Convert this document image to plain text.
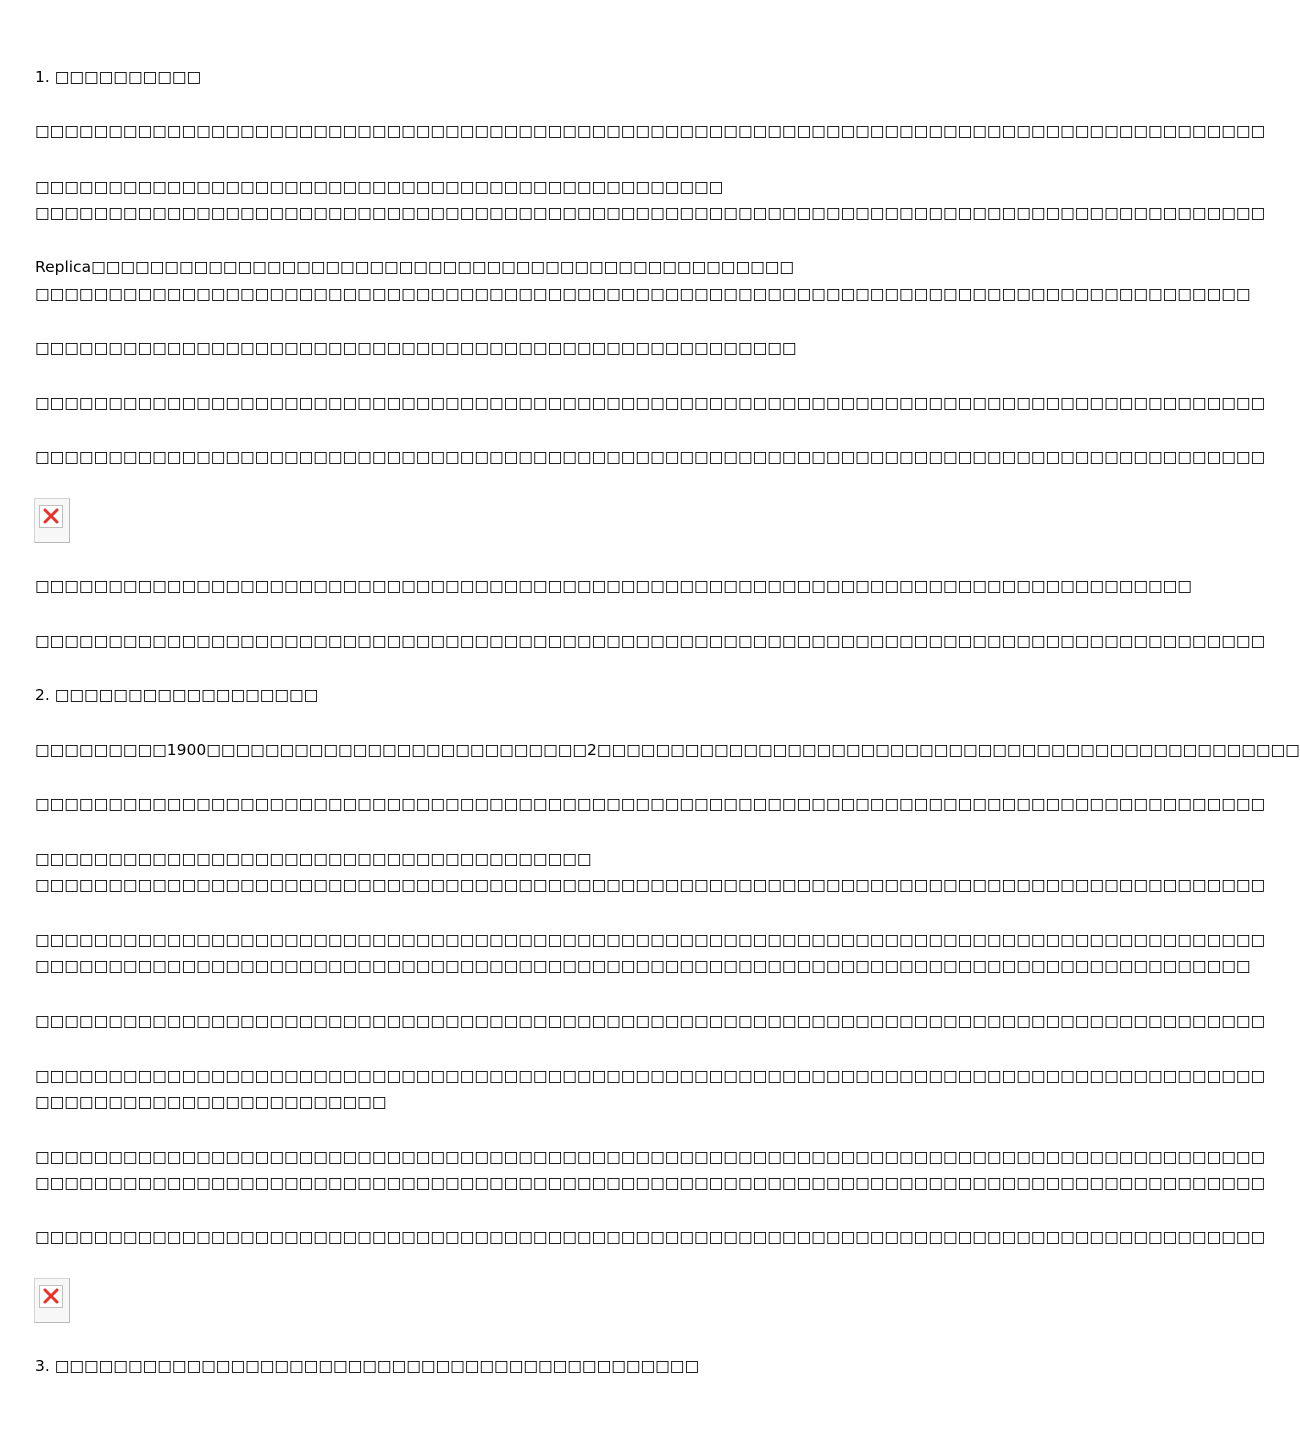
1. □□□□□□□□□□
□□□□□□□□□□□□□□□□□□□□□□□□□□□□□□□□□□□□□□□□□□□□□□□□□□□□□□□□□□□□□□□□□□□□□□□□□□□□□□□□□□□□
□□□□□□□□□□□□□□□□□□□□□□□□□□□□□□□□□□□□□□□□□□□□□□□
□□□□□□□□□□□□□□□□□□□□□□□□□□□□□□□□□□□□□□□□□□□□□□□□□□□□□□□□□□□□□□□□□□□□□□□□□□□□□□□□□□□□
Replica□□□□□□□□□□□□□□□□□□□□□□□□□□□□□□□□□□□□□□□□□□□□□□□□
□□□□□□□□□□□□□□□□□□□□□□□□□□□□□□□□□□□□□□□□□□□□□□□□□□□□□□□□□□□□□□□□□□□□□□□□□□□□□□□□□□□
□□□□□□□□□□□□□□□□□□□□□□□□□□□□□□□□□□□□□□□□□□□□□□□□□□□□
□□□□□□□□□□□□□□□□□□□□□□□□□□□□□□□□□□□□□□□□□□□□□□□□□□□□□□□□□□□□□□□□□□□□□□□□□□□□□□□□□□□□
□□□□□□□□□□□□□□□□□□□□□□□□□□□□□□□□□□□□□□□□□□□□□□□□□□□□□□□□□□□□□□□□□□□□□□□□□□□□□□□□□□□□
□□□□□□□□□□□□□□□□□□□□□□□□□□□□□□□□□□□□□□□□□□□□□□□□□□□□□□□□□□□□□□□□□□□□□□□□□□□□□□□
□□□□□□□□□□□□□□□□□□□□□□□□□□□□□□□□□□□□□□□□□□□□□□□□□□□□□□□□□□□□□□□□□□□□□□□□□□□□□□□□□□□□
2. □□□□□□□□□□□□□□□□□□
□□□□□□□□□1900□□□□□□□□□□□□□□□□□□□□□□□□□□2□□□□□□□□□□□□□□□□□□□□□□□□□□□□□□□□□□□□□□□□□□□□□□□□
□□□□□□□□□□□□□□□□□□□□□□□□□□□□□□□□□□□□□□□□□□□□□□□□□□□□□□□□□□□□□□□□□□□□□□□□□□□□□□□□□□□□
□□□□□□□□□□□□□□□□□□□□□□□□□□□□□□□□□□□□□□
□□□□□□□□□□□□□□□□□□□□□□□□□□□□□□□□□□□□□□□□□□□□□□□□□□□□□□□□□□□□□□□□□□□□□□□□□□□□□□□□□□□□
□□□□□□□□□□□□□□□□□□□□□□□□□□□□□□□□□□□□□□□□□□□□□□□□□□□□□□□□□□□□□□□□□□□□□□□□□□□□□□□□□□□□
□□□□□□□□□□□□□□□□□□□□□□□□□□□□□□□□□□□□□□□□□□□□□□□□□□□□□□□□□□□□□□□□□□□□□□□□□□□□□□□□□□□
□□□□□□□□□□□□□□□□□□□□□□□□□□□□□□□□□□□□□□□□□□□□□□□□□□□□□□□□□□□□□□□□□□□□□□□□□□□□□□□□□□□□
□□□□□□□□□□□□□□□□□□□□□□□□□□□□□□□□□□□□□□□□□□□□□□□□□□□□□□□□□□□□□□□□□□□□□□□□□□□□□□□□□□□□
□□□□□□□□□□□□□□□□□□□□□□□□
□□□□□□□□□□□□□□□□□□□□□□□□□□□□□□□□□□□□□□□□□□□□□□□□□□□□□□□□□□□□□□□□□□□□□□□□□□□□□□□□□□□□
□□□□□□□□□□□□□□□□□□□□□□□□□□□□□□□□□□□□□□□□□□□□□□□□□□□□□□□□□□□□□□□□□□□□□□□□□□□□□□□□□□□□
□□□□□□□□□□□□□□□□□□□□□□□□□□□□□□□□□□□□□□□□□□□□□□□□□□□□□□□□□□□□□□□□□□□□□□□□□□□□□□□□□□□□
3. □□□□□□□□□□□□□□□□□□□□□□□□□□□□□□□□□□□□□□□□□□□□
